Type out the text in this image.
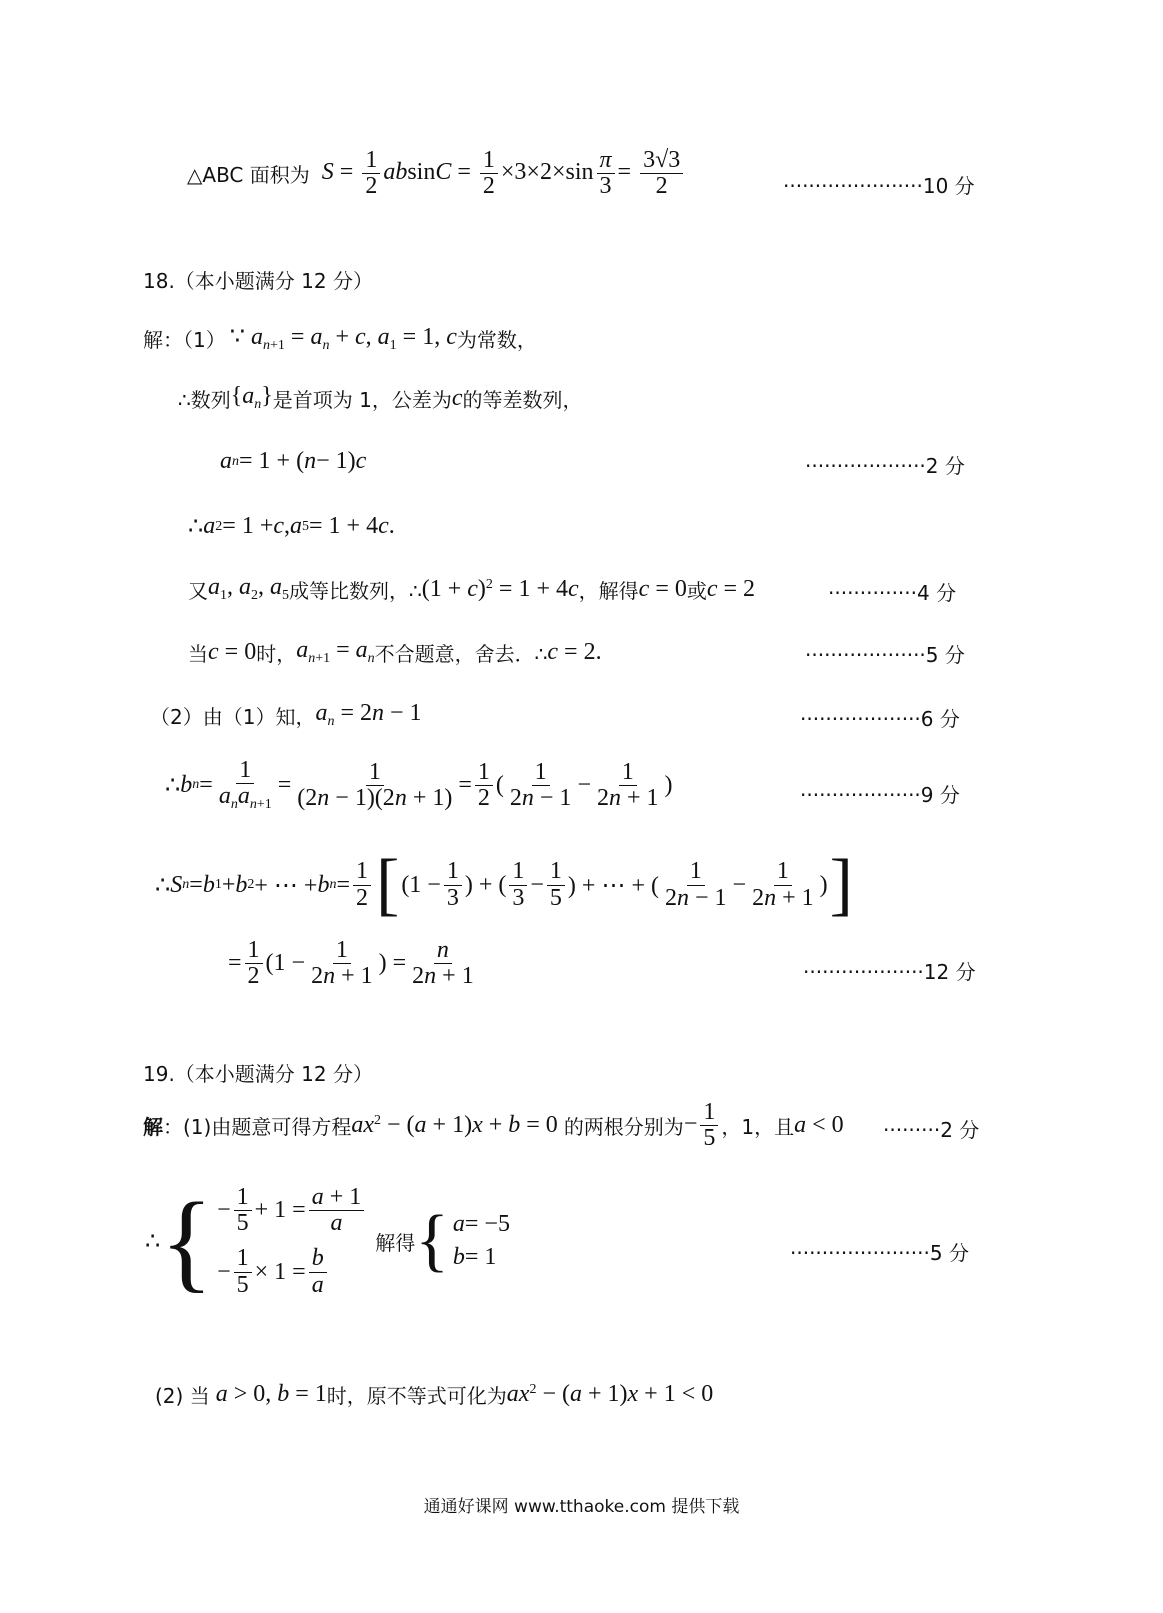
△ABC 面积为 $S = \frac{1}{2}$ $absinC = \frac{1}{2} \times 3\times 2\times\sin \frac{\pi}{3} = \frac{3√3}{2}$	······················10 分
18.（本小题满分 12 分）
解：（1） ∵ $a_{n+1} = a_n + c$, $a_1 = 1$, c 为常数，
∴数列 $\{a_n\}$ 是首项为 1，公差为 c 的等差数列，
a n = 1 + ( n − 1) c	···················2 分
∴ a 2 = 1 + c , a 5 = 1 + 4 c .
又 $a_1$, $a_2$, $a_5$ 成等比数列，∴ $(1 + c)^2 = 1 + 4c$ ，解得 c = 0 或 c = 2	··············4 分
当 c = 0 时， $a_{n+1} = a_n$ 不合题意，舍去．∴ c = 2.	···················5 分
（2）由（1）知， $a_n = 2n - 1$	···················6 分
∴ b $n = \frac{1}{a_na_{n+1}} = \frac{1}{(2n - 1)(2n + 1)} = \frac{1}{2}$ ( $\frac{1}{2n - 1} - \frac{1}{2n + 1}$ )	···················9 分
∴ S n = b 1 + b 2 + ⋯ + b $n = \frac{1}{2}$ [ ($1 - \frac{1}{3}$ ) + ( $\frac{1}{3} - \frac{1}{5}$ ) + ⋯ + ( $\frac{1}{2n - 1} - \frac{1}{2n + 1}$ ) ]
= $\frac{1}{2} (1 - \frac{1}{2n + 1}$ ) = $\frac{n}{2n + 1}$	···················12 分
19.（本小题满分 12 分）
解 ：(1)由题意可得方程 $ax^2 - (a + 1)x + b = 0$ 的两根分别为 − $\frac{1}{5}$ ，1，且 a < 0 ·········2 分
∴ { − $\frac{1}{5} + 1 = \frac{a + 1}{a}$
− $\frac{1}{5} \times 1 = \frac{b}{a}$
解得 { a = −5
b = 1	······················5 分
(2) 当 a > 0, b = 1 时，原不等式可化为 $ax^2 - (a + 1)x + 1 < 0$
通通好课网 www.tthaoke.com 提供下载
